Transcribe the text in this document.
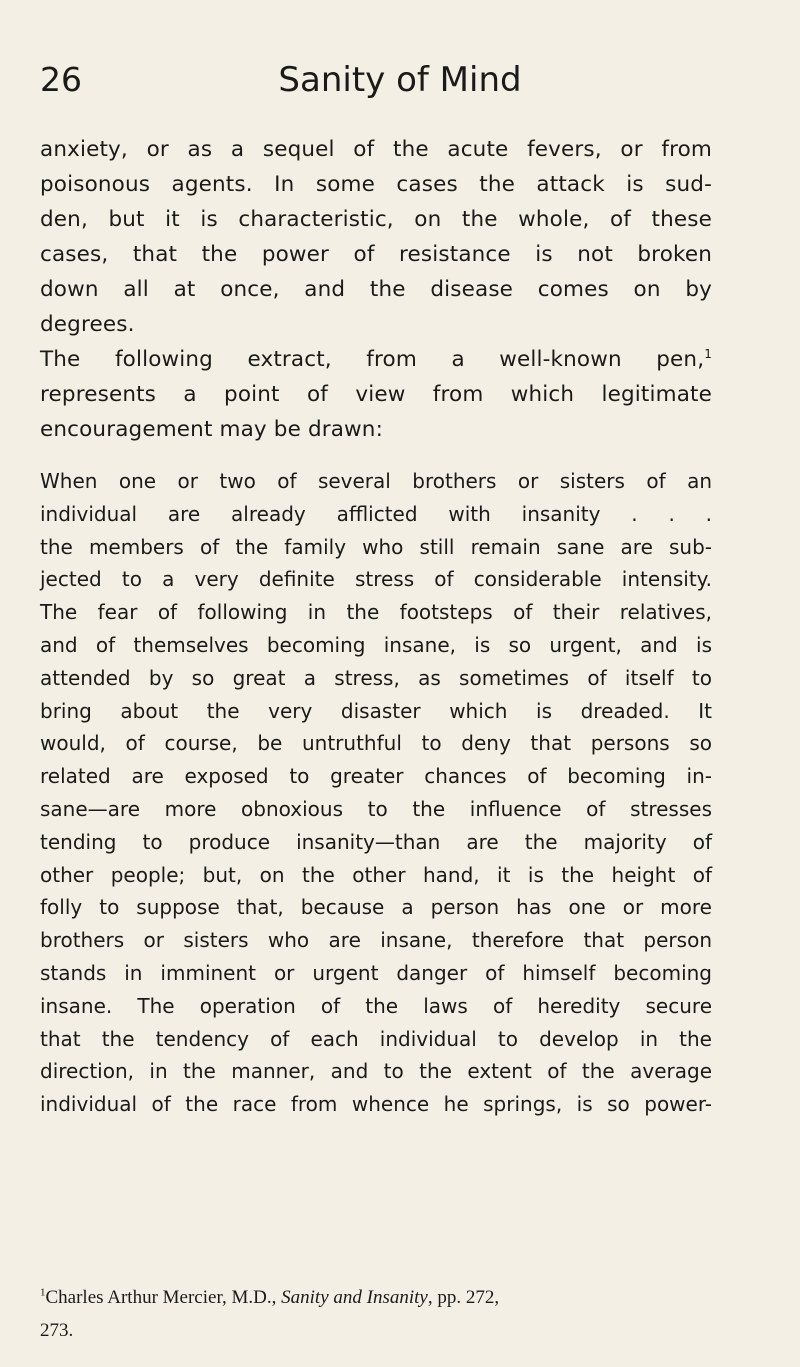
26	Sanity of Mind
anxiety, or as a sequel of the acute fevers, or from
poisonous agents. In some cases the attack is sud-
den, but it is characteristic, on the whole, of these
cases, that the power of resistance is not broken
down all at once, and the disease comes on by
degrees.
The following extract, from a well-known pen,$^1$
represents a point of view from which legitimate
encouragement may be drawn:
When one or two of several brothers or sisters of an
individual are already afflicted with insanity . . .
the members of the family who still remain sane are sub-
jected to a very definite stress of considerable intensity.
The fear of following in the footsteps of their relatives,
and of themselves becoming insane, is so urgent, and is
attended by so great a stress, as sometimes of itself to
bring about the very disaster which is dreaded. It
would, of course, be untruthful to deny that persons so
related are exposed to greater chances of becoming in-
sane—are more obnoxious to the influence of stresses
tending to produce insanity—than are the majority of
other people; but, on the other hand, it is the height of
folly to suppose that, because a person has one or more
brothers or sisters who are insane, therefore that person
stands in imminent or urgent danger of himself becoming
insane. The operation of the laws of heredity secure
that the tendency of each individual to develop in the
direction, in the manner, and to the extent of the average
individual of the race from whence he springs, is so power-
$^1$Charles Arthur Mercier, M.D., Sanity and Insanity, pp. 272,
273.
